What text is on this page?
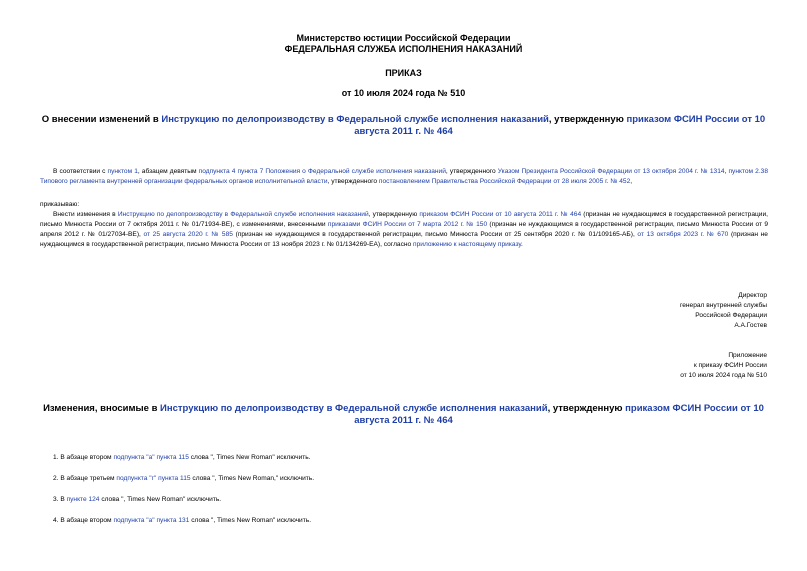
Министерство юстиции Российской Федерации
ФЕДЕРАЛЬНАЯ СЛУЖБА ИСПОЛНЕНИЯ НАКАЗАНИЙ
ПРИКАЗ
от 10 июля 2024 года № 510
О внесении изменений в Инструкцию по делопроизводству в Федеральной службе исполнения наказаний, утвержденную приказом ФСИН России от 10 августа 2011 г. № 464
В соответствии с пунктом 1, абзацем девятым подпункта 4 пункта 7 Положения о Федеральной службе исполнения наказаний, утвержденного Указом Президента Российской Федерации от 13 октября 2004 г. № 1314, пунктом 2.38 Типового регламента внутренней организации федеральных органов исполнительной власти, утвержденного постановлением Правительства Российской Федерации от 28 июля 2005 г. № 452,
приказываю:
Внести изменения в Инструкцию по делопроизводству в Федеральной службе исполнения наказаний, утвержденную приказом ФСИН России от 10 августа 2011 г. № 464 (признан не нуждающимся в государственной регистрации, письмо Минюста России от 7 октября 2011 г. № 01/71934-ВЕ), с изменениями, внесенными приказами ФСИН России от 7 марта 2012 г. № 150 (признан не нуждающимся в государственной регистрации, письмо Минюста России от 9 апреля 2012 г. № 01/27034-ВЕ), от 25 августа 2020 г. № 585 (признан не нуждающимся в государственной регистрации, письмо Минюста России от 25 сентября 2020 г. № 01/109165-АБ), от 13 октября 2023 г. № 670 (признан не нуждающимся в государственной регистрации, письмо Минюста России от 13 ноября 2023 г. № 01/134269-ЕА), согласно приложению к настоящему приказу.
Директор
генерал внутренней службы
Российской Федерации
А.А.Гостев
Приложение
к приказу ФСИН России
от 10 июля 2024 года № 510
Изменения, вносимые в Инструкцию по делопроизводству в Федеральной службе исполнения наказаний, утвержденную приказом ФСИН России от 10 августа 2011 г. № 464
1. В абзаце втором подпункта "а" пункта 115 слова ", Times New Roman" исключить.
2. В абзаце третьем подпункта "г" пункта 115 слова ", Times New Roman," исключить.
3. В пункте 124 слова ", Times New Roman" исключить.
4. В абзаце втором подпункта "а" пункта 131 слова ", Times New Roman" исключить.
